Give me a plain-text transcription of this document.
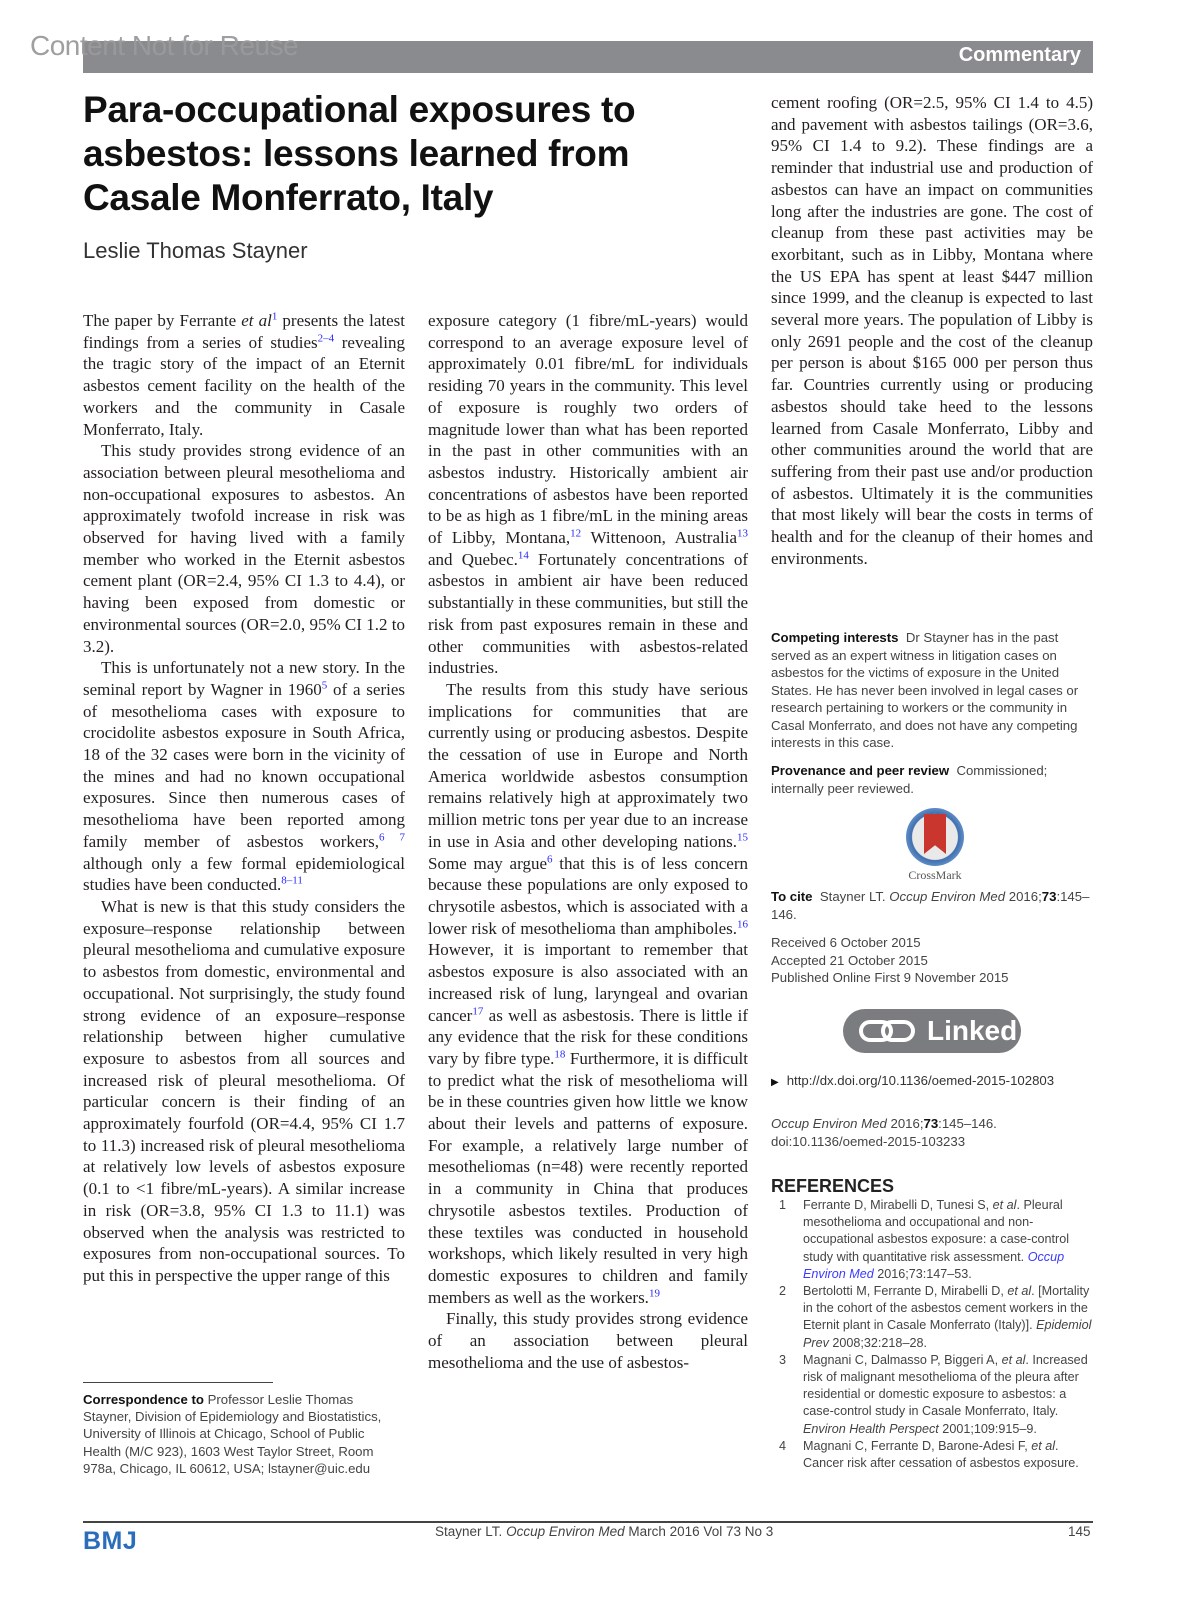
Content Not for Reuse	Commentary
Para-occupational exposures to asbestos: lessons learned from Casale Monferrato, Italy
Leslie Thomas Stayner

The paper by Ferrante et al$^1$ presents the latest findings from a series of studies$^{2-4}$ revealing the tragic story of the impact of an Eternit asbestos cement facility on the health of the workers and the community in Casale Monferrato, Italy.

This study provides strong evidence of an association between pleural mesothelioma and non-occupational exposures to asbestos. An approximately twofold increase in risk was observed for having lived with a family member who worked in the Eternit asbestos cement plant (OR=2.4, 95% CI 1.3 to 4.4), or having been exposed from domestic or environmental sources (OR=2.0, 95% CI 1.2 to 3.2).

This is unfortunately not a new story. In the seminal report by Wagner in 1960$^5$ of a series of mesothelioma cases with exposure to crocidolite asbestos exposure in South Africa, 18 of the 32 cases were born in the vicinity of the mines and had no known occupational exposures. Since then numerous cases of mesothelioma have been reported among family member of asbestos workers,$^{6 7}$ although only a few formal epidemiological studies have been conducted.$^{8-11}$

What is new is that this study considers the exposure–response relationship between pleural mesothelioma and cumulative exposure to asbestos from domestic, environmental and occupational. Not surprisingly, the study found strong evidence of an exposure–response relationship between higher cumulative exposure to asbestos from all sources and increased risk of pleural mesothelioma. Of particular concern is their finding of an approximately fourfold (OR=4.4, 95% CI 1.7 to 11.3) increased risk of pleural mesothelioma at relatively low levels of asbestos exposure (0.1 to <1 fibre/mL-years). A similar increase in risk (OR=3.8, 95% CI 1.3 to 11.1) was observed when the analysis was restricted to exposures from non-occupational sources. To put this in perspective the upper range of this

exposure category (1 fibre/mL-years) would correspond to an average exposure level of approximately 0.01 fibre/mL for individuals residing 70 years in the community. This level of exposure is roughly two orders of magnitude lower than what has been reported in the past in other communities with an asbestos industry. Historically ambient air concentrations of asbestos have been reported to be as high as 1 fibre/mL in the mining areas of Libby, Montana,$^{12}$ Wittenoon, Australia$^{13}$ and Quebec.$^{14}$ Fortunately concentrations of asbestos in ambient air have been reduced substantially in these communities, but still the risk from past exposures remain in these and other communities with asbestos-related industries.

The results from this study have serious implications for communities that are currently using or producing asbestos. Despite the cessation of use in Europe and North America worldwide asbestos consumption remains relatively high at approximately two million metric tons per year due to an increase in use in Asia and other developing nations.$^{15}$ Some may argue$^6$ that this is of less concern because these populations are only exposed to chrysotile asbestos, which is associated with a lower risk of mesothelioma than amphiboles.$^{16}$ However, it is important to remember that asbestos exposure is also associated with an increased risk of lung, laryngeal and ovarian cancer$^{17}$ as well as asbestosis. There is little if any evidence that the risk for these conditions vary by fibre type.$^{18}$ Furthermore, it is difficult to predict what the risk of mesothelioma will be in these countries given how little we know about their levels and patterns of exposure. For example, a relatively large number of mesotheliomas (n=48) were recently reported in a community in China that produces chrysotile asbestos textiles. Production of these textiles was conducted in household workshops, which likely resulted in very high domestic exposures to children and family members as well as the workers.$^{19}$

Finally, this study provides strong evidence of an association between pleural mesothelioma and the use of asbestos-

cement roofing (OR=2.5, 95% CI 1.4 to 4.5) and pavement with asbestos tailings (OR=3.6, 95% CI 1.4 to 9.2). These findings are a reminder that industrial use and production of asbestos can have an impact on communities long after the industries are gone. The cost of cleanup from these past activities may be exorbitant, such as in Libby, Montana where the US EPA has spent at least $447 million since 1999, and the cleanup is expected to last several more years. The population of Libby is only 2691 people and the cost of the cleanup per person is about $165 000 per person thus far. Countries currently using or producing asbestos should take heed to the lessons learned from Casale Monferrato, Libby and other communities around the world that are suffering from their past use and/or production of asbestos. Ultimately it is the communities that most likely will bear the costs in terms of health and for the cleanup of their homes and environments.

Competing interests Dr Stayner has in the past served as an expert witness in litigation cases on asbestos for the victims of exposure in the United States. He has never been involved in legal cases or research pertaining to workers or the community in Casal Monferrato, and does not have any competing interests in this case.
Provenance and peer review Commissioned; internally peer reviewed.
CrossMark
To cite Stayner LT. Occup Environ Med 2016;73:145–146.
Received 6 October 2015
Accepted 21 October 2015
Published Online First 9 November 2015
Linked
▶ http://dx.doi.org/10.1136/oemed-2015-102803
Occup Environ Med 2016;73:145–146.
doi:10.1136/oemed-2015-103233
REFERENCES
1	Ferrante D, Mirabelli D, Tunesi S, et al. Pleural mesothelioma and occupational and non-occupational asbestos exposure: a case-control study with quantitative risk assessment. Occup Environ Med 2016;73:147–53.
2	Bertolotti M, Ferrante D, Mirabelli D, et al. [Mortality in the cohort of the asbestos cement workers in the Eternit plant in Casale Monferrato (Italy)]. Epidemiol Prev 2008;32:218–28.
3	Magnani C, Dalmasso P, Biggeri A, et al. Increased risk of malignant mesothelioma of the pleura after residential or domestic exposure to asbestos: a case-control study in Casale Monferrato, Italy. Environ Health Perspect 2001;109:915–9.
4	Magnani C, Ferrante D, Barone-Adesi F, et al. Cancer risk after cessation of asbestos exposure.
Correspondence to Professor Leslie Thomas Stayner, Division of Epidemiology and Biostatistics, University of Illinois at Chicago, School of Public Health (M/C 923), 1603 West Taylor Street, Room 978a, Chicago, IL 60612, USA; lstayner@uic.edu
BMJ	Stayner LT. Occup Environ Med March 2016 Vol 73 No 3	145
